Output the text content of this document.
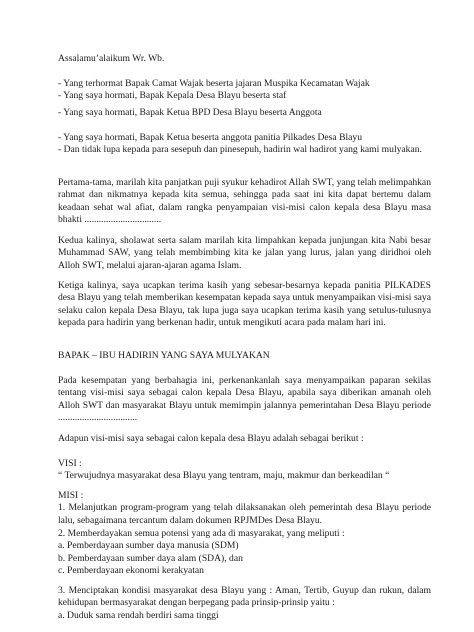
Assalamu’alaikum Wr. Wb.

- Yang terhormat Bapak Camat Wajak beserta jajaran Muspika Kecamatan Wajak

- Yang saya hormati, Bapak Kepala Desa Blayu beserta staf

- Yang saya hormati, Bapak Ketua BPD Desa Blayu beserta Anggota

- Yang saya hormati, Bapak Ketua beserta anggota panitia Pilkades Desa Blayu

- Dan tidak lupa kepada para sesepuh dan pinesepuh, hadirin wal hadirot yang kami mulyakan.

Pertama-tama, marilah kita panjatkan puji syukur kehadirot Allah SWT, yang telah melimpahkan rahmat dan nikmatnya kepada kita semua, sehingga pada saat ini kita dapat bertemu dalam keadaan sehat wal afiat, dalam rangka penyampaian visi-misi calon kepala desa Blayu masa bhakti ................................

Kedua kalinya, sholawat serta salam marilah kita limpahkan kepada junjungan kita Nabi besar Muhammad SAW, yang telah membimbing kita ke jalan yang lurus, jalan yang diridhoi oleh Alloh SWT, melalui ajaran-ajaran agama Islam.

Ketiga kalinya, saya ucapkan terima kasih yang sebesar-besarnya kepada panitia PILKADES desa Blayu yang telah memberikan kesempatan kepada saya untuk menyampaikan visi-misi saya selaku calon kepala Desa Blayu, tak lupa juga saya ucapkan terima kasih yang setulus-tulusnya kepada para hadirin yang berkenan hadir, untuk mengikuti acara pada malam hari ini.

BAPAK – IBU HADIRIN YANG SAYA MULYAKAN

Pada kesempatan yang berbahagia ini, perkenankanlah saya menyampaikan paparan sekilas tentang visi-misi saya sebagai calon kepala Desa Blayu, apabila saya diberikan amanah oleh Alloh SWT dan masyarakat Blayu untuk memimpin jalannya pemerintahan Desa Blayu periode .................................

Adapun visi-misi saya sebagai calon kepala desa Blayu adalah sebagai berikut :

VISI :

“ Terwujudnya masyarakat desa Blayu yang tentram, maju, makmur dan berkeadilan “

MISI :

1. Melanjutkan program-program yang telah dilaksanakan oleh pemerintah desa Blayu periode lalu, sebagaimana tercantum dalam dokumen RPJMDes Desa Blayu.

2. Memberdayakan semua potensi yang ada di masyarakat, yang meliputi :

a. Pemberdayaan sumber daya manusia (SDM)

b. Pemberdayaan sumber daya alam (SDA), dan

c. Pemberdayaan ekonomi kerakyatan

3. Menciptakan kondisi masyarakat desa Blayu yang : Aman, Tertib, Guyup dan rukun, dalam kehidupan bermasyarakat dengan berpegang pada prinsip-prinsip yaitu :

a. Duduk sama rendah berdiri sama tinggi
